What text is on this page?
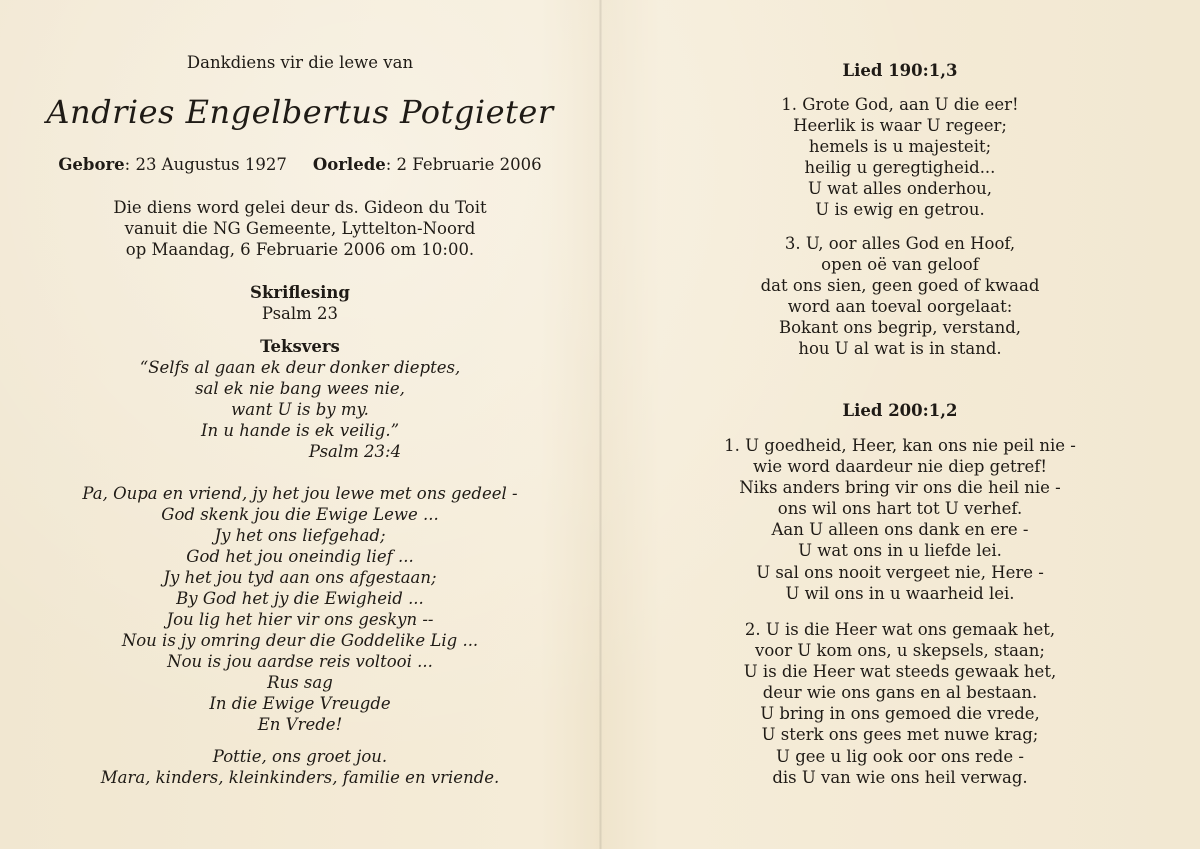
Dankdiens vir die lewe van
Andries Engelbertus Potgieter
Gebore: 23 Augustus 1927 Oorlede: 2 Februarie 2006
Die diens word gelei deur ds. Gideon du Toit
vanuit die NG Gemeente, Lyttelton-Noord
op Maandag, 6 Februarie 2006 om 10:00.
Skriflesing
Psalm 23
Teksvers
“Selfs al gaan ek deur donker dieptes,
sal ek nie bang wees nie,
want U is by my.
In u hande is ek veilig.”
Psalm 23:4
Pa, Oupa en vriend, jy het jou lewe met ons gedeel -
God skenk jou die Ewige Lewe ...
Jy het ons liefgehad;
God het jou oneindig lief ...
Jy het jou tyd aan ons afgestaan;
By God het jy die Ewigheid ...
Jou lig het hier vir ons geskyn --
Nou is jy omring deur die Goddelike Lig ...
Nou is jou aardse reis voltooi ...
Rus sag
In die Ewige Vreugde
En Vrede!
Pottie, ons groet jou.
Mara, kinders, kleinkinders, familie en vriende.
Lied 190:1,3
1. Grote God, aan U die eer!
Heerlik is waar U regeer;
hemels is u majesteit;
heilig u geregtigheid...
U wat alles onderhou,
U is ewig en getrou.
3. U, oor alles God en Hoof,
open oë van geloof
dat ons sien, geen goed of kwaad
word aan toeval oorgelaat:
Bokant ons begrip, verstand,
hou U al wat is in stand.
Lied 200:1,2
1. U goedheid, Heer, kan ons nie peil nie -
wie word daardeur nie diep getref!
Niks anders bring vir ons die heil nie -
ons wil ons hart tot U verhef.
Aan U alleen ons dank en ere -
U wat ons in u liefde lei.
U sal ons nooit vergeet nie, Here -
U wil ons in u waarheid lei.
2. U is die Heer wat ons gemaak het,
voor U kom ons, u skepsels, staan;
U is die Heer wat steeds gewaak het,
deur wie ons gans en al bestaan.
U bring in ons gemoed die vrede,
U sterk ons gees met nuwe krag;
U gee u lig ook oor ons rede -
dis U van wie ons heil verwag.
